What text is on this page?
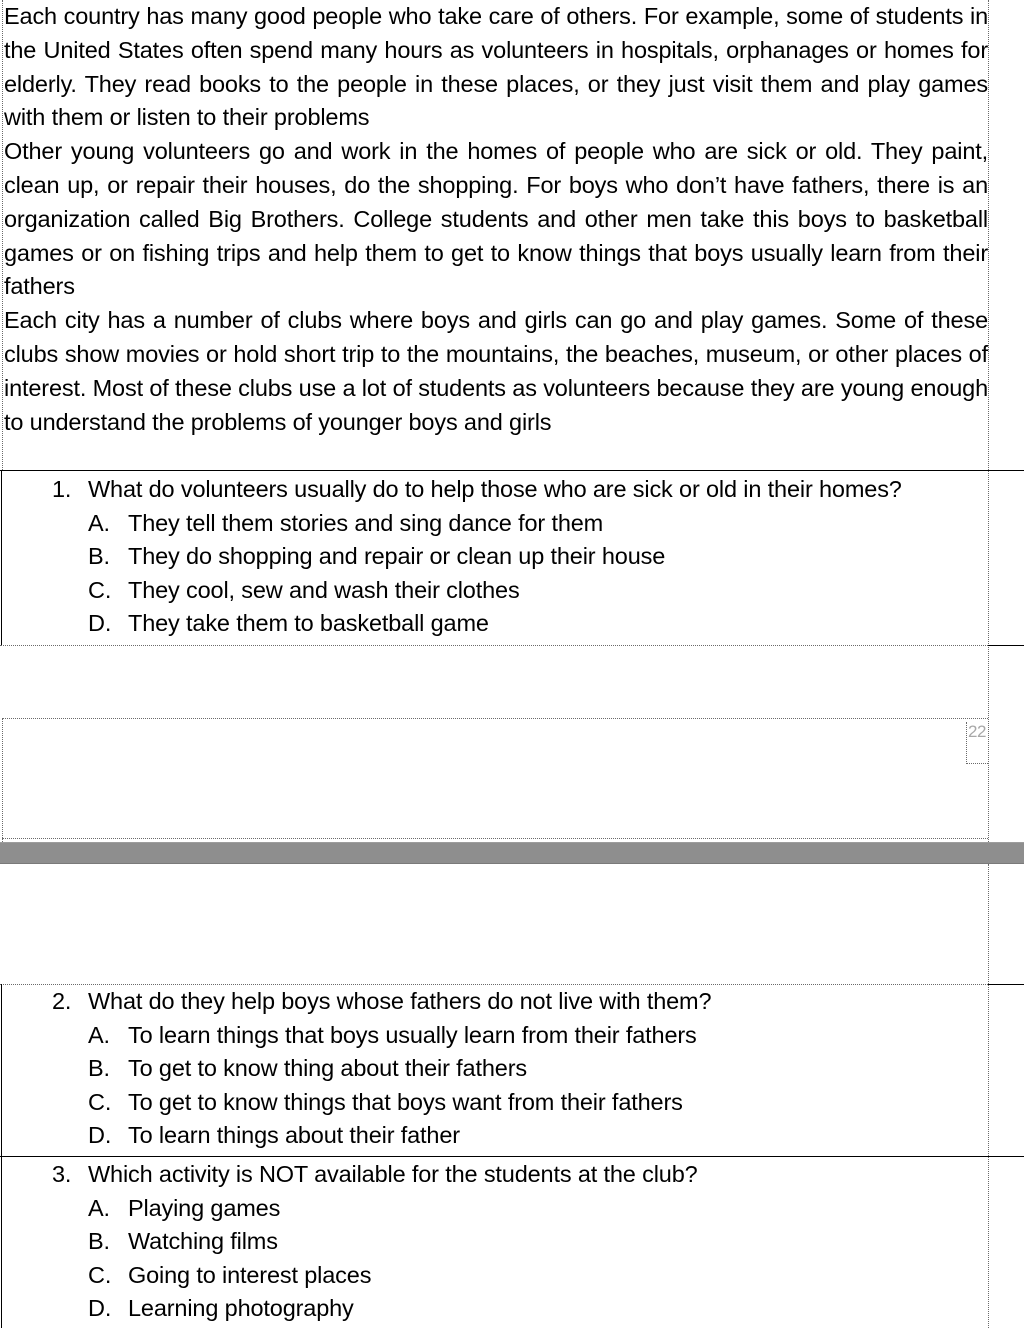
Each country has many good people who take care of others. For example, some of students in the United States often spend many hours as volunteers in hospitals, orphanages or homes for elderly. They read books to the people in these places, or they just visit them and play games with them or listen to their problems

Other young volunteers go and work in the homes of people who are sick or old. They paint, clean up, or repair their houses, do the shopping. For boys who don’t have fathers, there is an organization called Big Brothers. College students and other men take this boys to basketball games or on fishing trips and help them to get to know things that boys usually learn from their fathers

Each city has a number of clubs where boys and girls can go and play games. Some of these clubs show movies or hold short trip to the mountains, the beaches, museum, or other places of interest. Most of these clubs use a lot of students as volunteers because they are young enough to understand the problems of younger boys and girls

1. What do volunteers usually do to help those who are sick or old in their homes?
A. They tell them stories and sing dance for them
B. They do shopping and repair or clean up their house
C. They cool, sew and wash their clothes
D. They take them to basketball game
22
2. What do they help boys whose fathers do not live with them?
A. To learn things that boys usually learn from their fathers
B. To get to know thing about their fathers
C. To get to know things that boys want from their fathers
D. To learn things about their father
3. Which activity is NOT available for the students at the club?
A. Playing games
B. Watching films
C. Going to interest places
D. Learning photography
